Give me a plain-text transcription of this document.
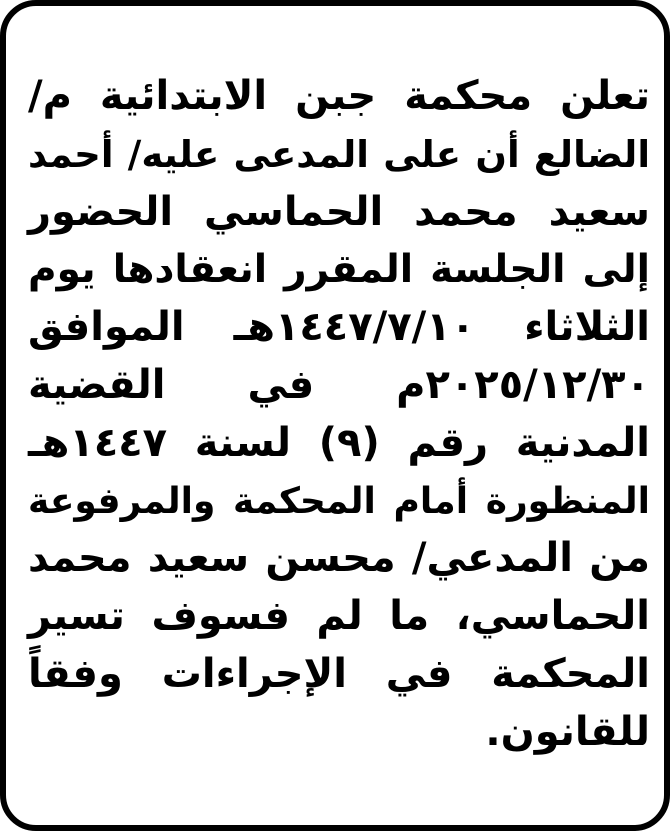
تعلن محكمة جبن الابتدائية م/
الضالع أن على المدعى عليه/ أحمد
سعيد محمد الحماسي الحضور
إلى الجلسة المقرر انعقادها يوم
الثلاثاء ١٤٤٧/٧/١٠هـ الموافق
٢٠٢٥/١٢/٣٠م في القضية
المدنية رقم (٩) لسنة ١٤٤٧هـ
المنظورة أمام المحكمة والمرفوعة
من المدعي/ محسن سعيد محمد
الحماسي، ما لم فسوف تسير
المحكمة في الإجراءات وفقاً
للقانون.
